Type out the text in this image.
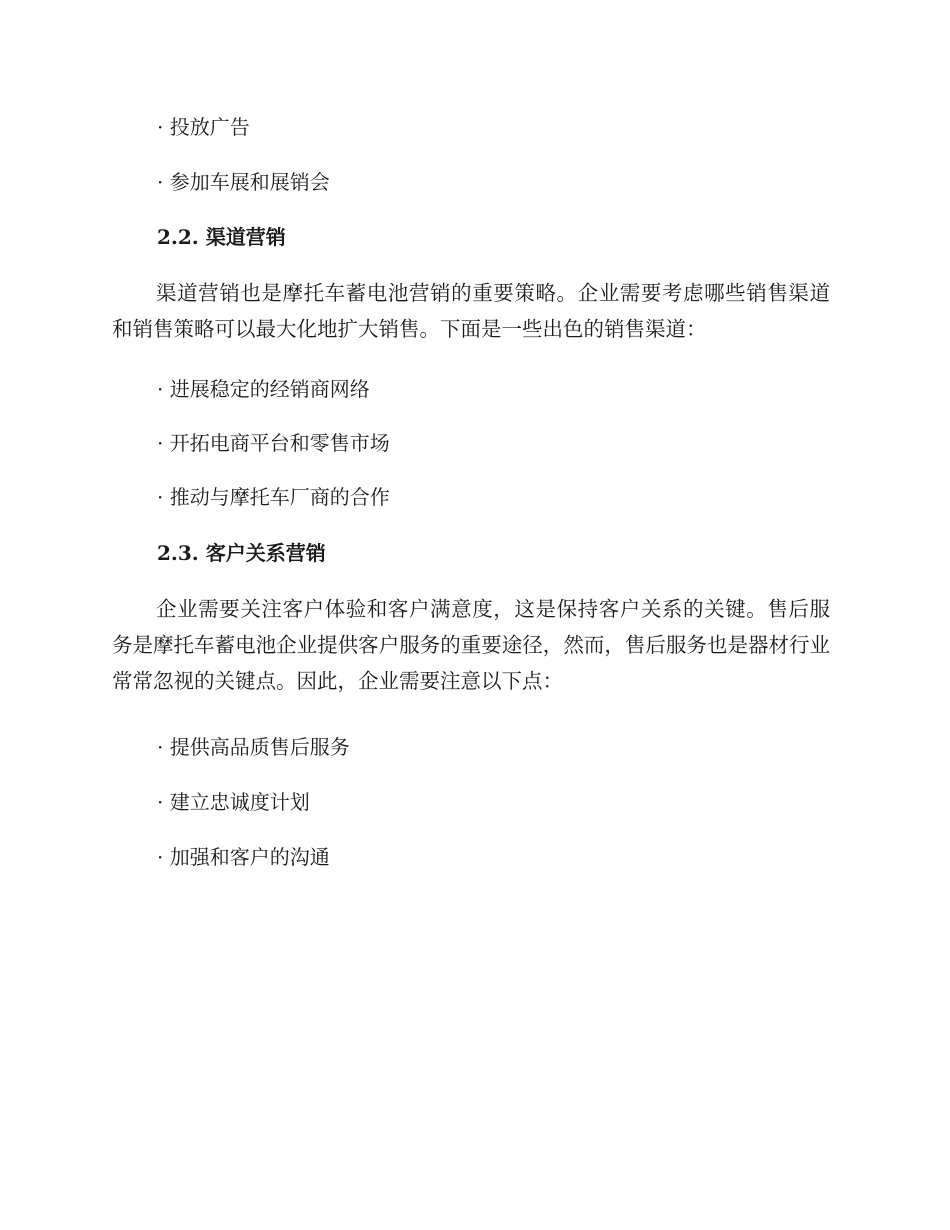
· 投放广告
· 参加车展和展销会
2.2. 渠道营销
渠道营销也是摩托车蓄电池营销的重要策略。企业需要考虑哪些销售渠道和销售策略可以最大化地扩大销售。下面是一些出色的销售渠道：
· 进展稳定的经销商网络
· 开拓电商平台和零售市场
· 推动与摩托车厂商的合作
2.3. 客户关系营销
企业需要关注客户体验和客户满意度，这是保持客户关系的关键。售后服务是摩托车蓄电池企业提供客户服务的重要途径，然而，售后服务也是器材行业常常忽视的关键点。因此，企业需要注意以下点：
· 提供高品质售后服务
· 建立忠诚度计划
· 加强和客户的沟通
